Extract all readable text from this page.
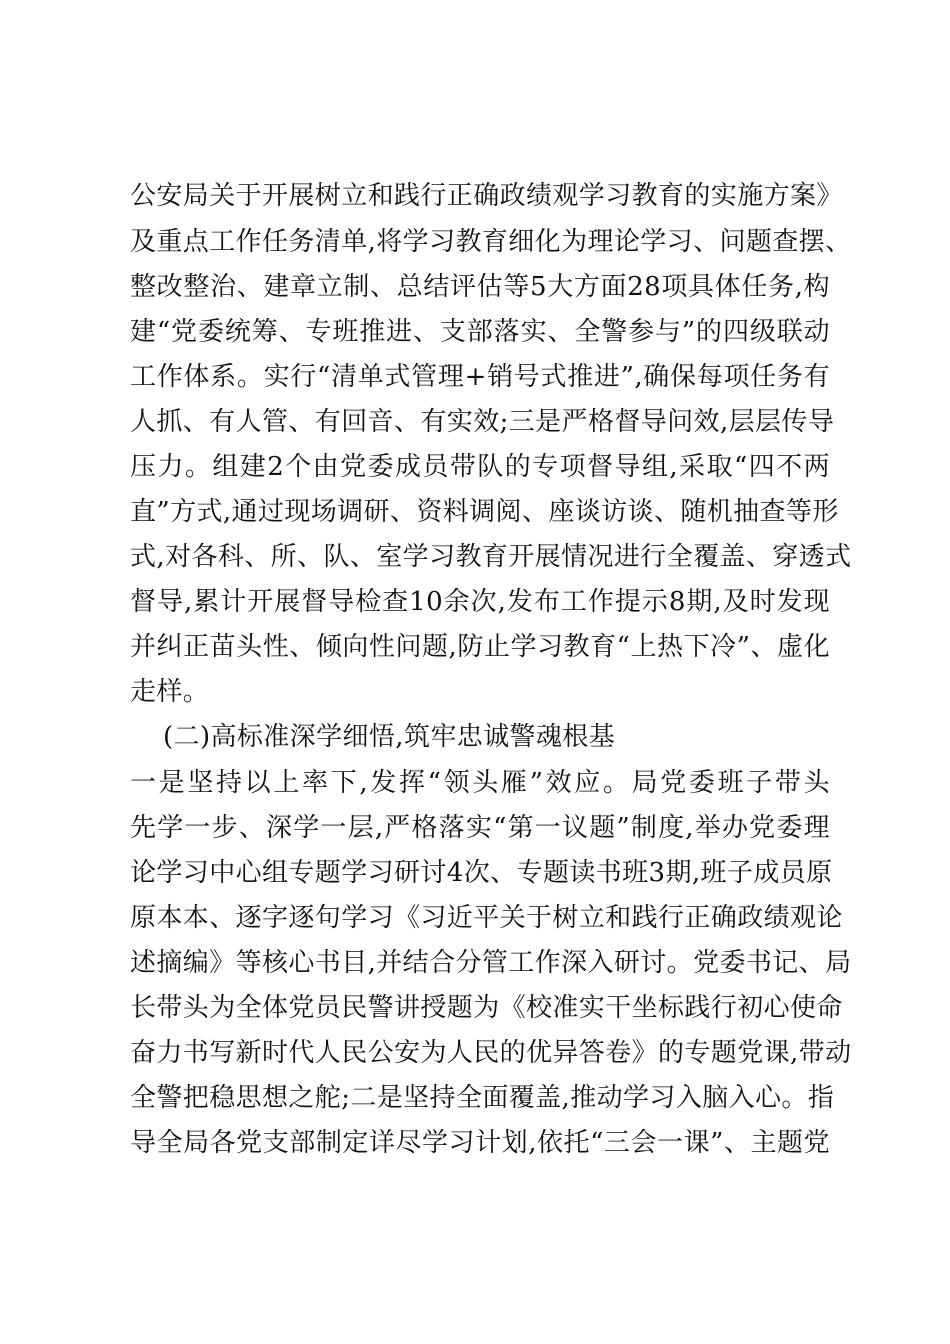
公安局关于开展树立和践行正确政绩观学习教育的实施方案》
及重点工作任务清单,将学习教育细化为理论学习、问题查摆、
整改整治、建章立制、总结评估等5大方面28项具体任务,构
建“党委统筹、专班推进、支部落实、全警参与”的四级联动
工作体系。实行“清单式管理+销号式推进”,确保每项任务有
人抓、有人管、有回音、有实效;三是严格督导问效,层层传导
压力。组建2个由党委成员带队的专项督导组,采取“四不两
直”方式,通过现场调研、资料调阅、座谈访谈、随机抽查等形
式,对各科、所、队、室学习教育开展情况进行全覆盖、穿透式
督导,累计开展督导检查10余次,发布工作提示8期,及时发现
并纠正苗头性、倾向性问题,防止学习教育“上热下冷”、虚化
走样。
(二)高标准深学细悟,筑牢忠诚警魂根基
一是坚持以上率下,发挥“领头雁”效应。局党委班子带头
先学一步、深学一层,严格落实“第一议题”制度,举办党委理
论学习中心组专题学习研讨4次、专题读书班3期,班子成员原
原本本、逐字逐句学习《习近平关于树立和践行正确政绩观论
述摘编》等核心书目,并结合分管工作深入研讨。党委书记、局
长带头为全体党员民警讲授题为《校准实干坐标践行初心使命
奋力书写新时代人民公安为人民的优异答卷》的专题党课,带动
全警把稳思想之舵;二是坚持全面覆盖,推动学习入脑入心。指
导全局各党支部制定详尽学习计划,依托“三会一课”、主题党
